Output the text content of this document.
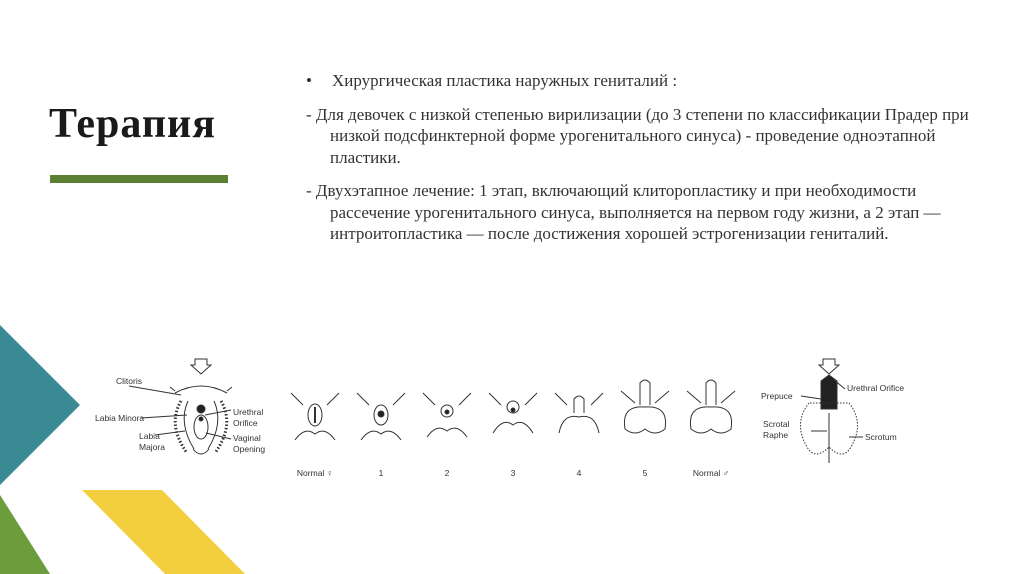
Терапия
•	Хирургическая пластика наружных гениталий :

- Для девочек с низкой степенью вирилизации (до 3 степени по классификации Прадер при низкой подсфинктерной форме урогенитального синуса) - проведение одноэтапной пластики.

- Двухэтапное лечение: 1 этап, включающий клиторопластику и при необходимости рассечение урогенитального синуса, выполняется на первом году жизни, а 2 этап — интроитопластика — после достижения хорошей эстрогенизации гениталий.

Clitoris
Labia Minora
Labia
Majora
Urethral
Orifice
Vaginal
Opening
Prepuce
Urethral Orifice
Scrotal
Raphe	Scrotum
Normal ♀	1	2	3	4	5	Normal ♂
